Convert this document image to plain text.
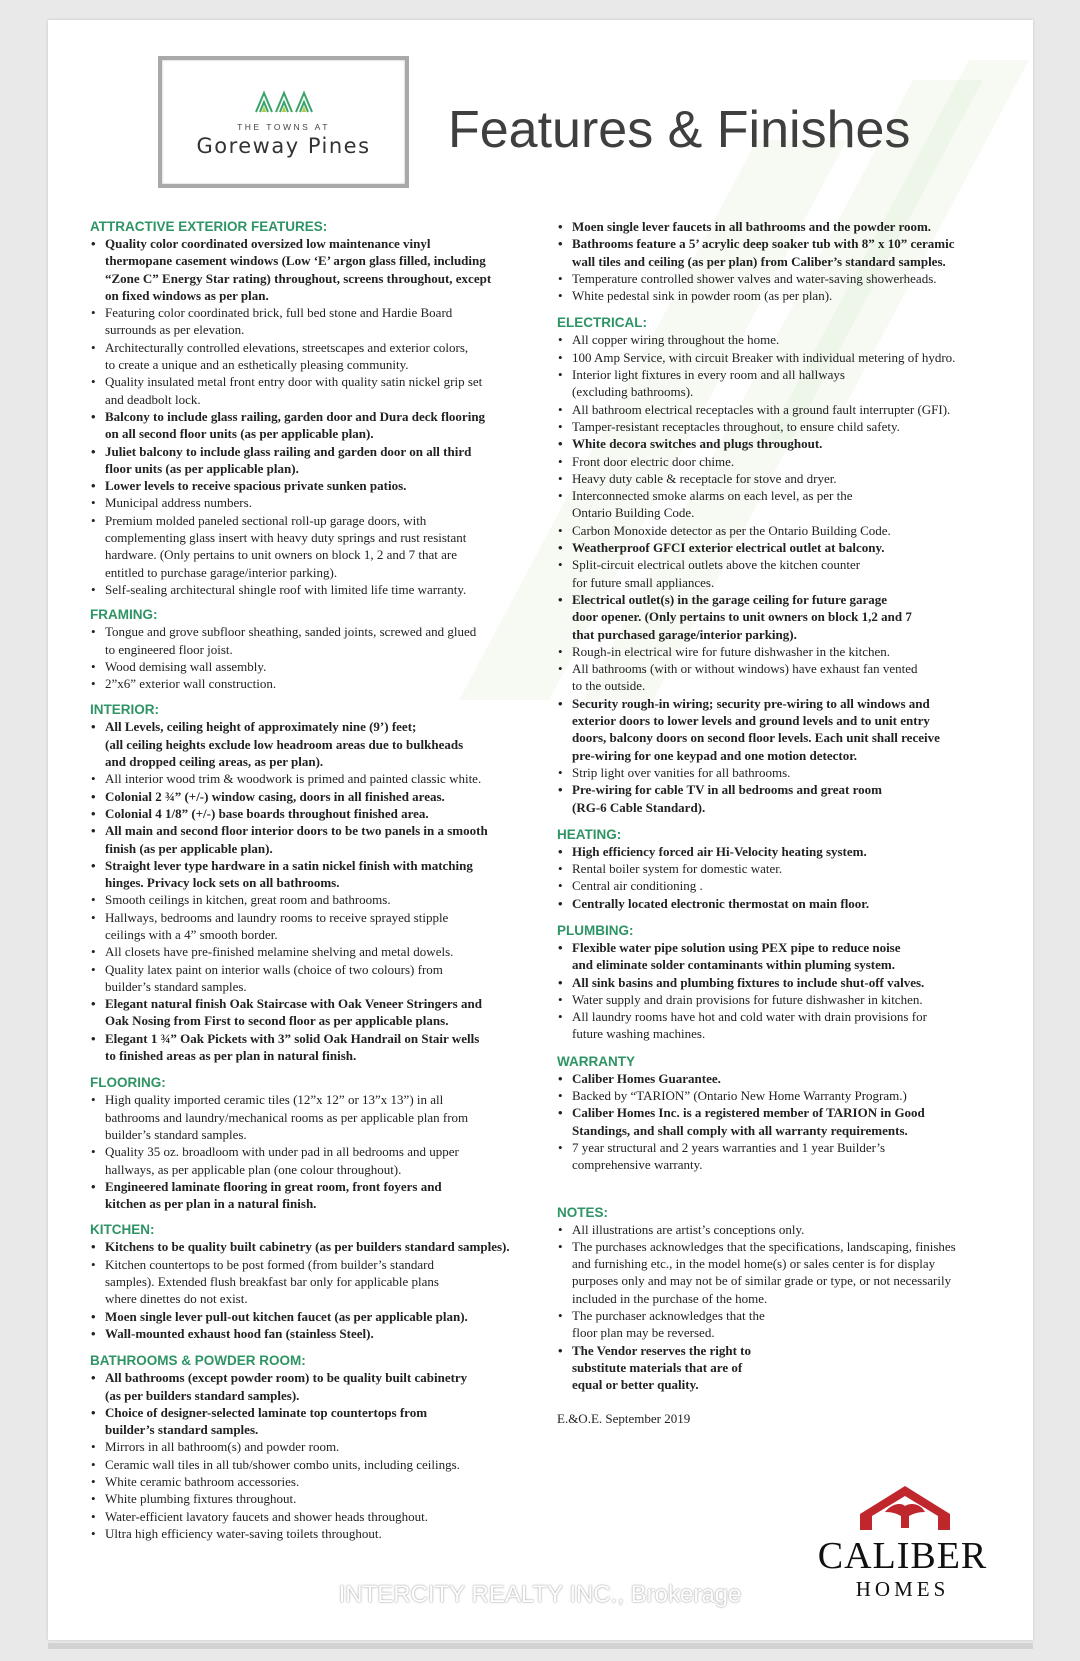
THE TOWNS AT
Goreway Pines	Features & Finishes
ATTRACTIVE EXTERIOR FEATURES:
• Quality color coordinated oversized low maintenance vinyl
thermopane casement windows (Low ‘E’ argon glass filled, including
“Zone C” Energy Star rating) throughout, screens throughout, except
on fixed windows as per plan.
• Featuring color coordinated brick, full bed stone and Hardie Board
surrounds as per elevation.
• Architecturally controlled elevations, streetscapes and exterior colors,
to create a unique and an esthetically pleasing community.
• Quality insulated metal front entry door with quality satin nickel grip set
and deadbolt lock.
• Balcony to include glass railing, garden door and Dura deck flooring
on all second floor units (as per applicable plan).
• Juliet balcony to include glass railing and garden door on all third
floor units (as per applicable plan).
• Lower levels to receive spacious private sunken patios.
• Municipal address numbers.
• Premium molded paneled sectional roll-up garage doors, with
complementing glass insert with heavy duty springs and rust resistant
hardware. (Only pertains to unit owners on block 1, 2 and 7 that are
entitled to purchase garage/interior parking).
• Self-sealing architectural shingle roof with limited life time warranty.
FRAMING:
• Tongue and grove subfloor sheathing, sanded joints, screwed and glued
to engineered floor joist.
• Wood demising wall assembly.
• 2”x6” exterior wall construction.
INTERIOR:
• All Levels, ceiling height of approximately nine (9’) feet;
(all ceiling heights exclude low headroom areas due to bulkheads
and dropped ceiling areas, as per plan).
• All interior wood trim & woodwork is primed and painted classic white.
• Colonial 2 ¾” (+/-) window casing, doors in all finished areas.
• Colonial 4 1/8” (+/-) base boards throughout finished area.
• All main and second floor interior doors to be two panels in a smooth
finish (as per applicable plan).
• Straight lever type hardware in a satin nickel finish with matching
hinges. Privacy lock sets on all bathrooms.
• Smooth ceilings in kitchen, great room and bathrooms.
• Hallways, bedrooms and laundry rooms to receive sprayed stipple
ceilings with a 4” smooth border.
• All closets have pre-finished melamine shelving and metal dowels.
• Quality latex paint on interior walls (choice of two colours) from
builder’s standard samples.
• Elegant natural finish Oak Staircase with Oak Veneer Stringers and
Oak Nosing from First to second floor as per applicable plans.
• Elegant 1 ¾” Oak Pickets with 3” solid Oak Handrail on Stair wells
to finished areas as per plan in natural finish.
FLOORING:
• High quality imported ceramic tiles (12”x 12” or 13”x 13”) in all
bathrooms and laundry/mechanical rooms as per applicable plan from
builder’s standard samples.
• Quality 35 oz. broadloom with under pad in all bedrooms and upper
hallways, as per applicable plan (one colour throughout).
• Engineered laminate flooring in great room, front foyers and
kitchen as per plan in a natural finish.
KITCHEN:
• Kitchens to be quality built cabinetry (as per builders standard samples).
• Kitchen countertops to be post formed (from builder’s standard
samples). Extended flush breakfast bar only for applicable plans
where dinettes do not exist.
• Moen single lever pull-out kitchen faucet (as per applicable plan).
• Wall-mounted exhaust hood fan (stainless Steel).
BATHROOMS & POWDER ROOM:
• All bathrooms (except powder room) to be quality built cabinetry
(as per builders standard samples).
• Choice of designer-selected laminate top countertops from
builder’s standard samples.
• Mirrors in all bathroom(s) and powder room.
• Ceramic wall tiles in all tub/shower combo units, including ceilings.
• White ceramic bathroom accessories.
• White plumbing fixtures throughout.
• Water-efficient lavatory faucets and shower heads throughout.
• Ultra high efficiency water-saving toilets throughout.
• Moen single lever faucets in all bathrooms and the powder room.
• Bathrooms feature a 5’ acrylic deep soaker tub with 8” x 10” ceramic
wall tiles and ceiling (as per plan) from Caliber’s standard samples.
• Temperature controlled shower valves and water-saving showerheads.
• White pedestal sink in powder room (as per plan).
ELECTRICAL:
• All copper wiring throughout the home.
• 100 Amp Service, with circuit Breaker with individual metering of hydro.
• Interior light fixtures in every room and all hallways
(excluding bathrooms).
• All bathroom electrical receptacles with a ground fault interrupter (GFI).
• Tamper-resistant receptacles throughout, to ensure child safety.
• White decora switches and plugs throughout.
• Front door electric door chime.
• Heavy duty cable & receptacle for stove and dryer.
• Interconnected smoke alarms on each level, as per the
Ontario Building Code.
• Carbon Monoxide detector as per the Ontario Building Code.
• Weatherproof GFCI exterior electrical outlet at balcony.
• Split-circuit electrical outlets above the kitchen counter
for future small appliances.
• Electrical outlet(s) in the garage ceiling for future garage
door opener. (Only pertains to unit owners on block 1,2 and 7
that purchased garage/interior parking).
• Rough-in electrical wire for future dishwasher in the kitchen.
• All bathrooms (with or without windows) have exhaust fan vented
to the outside.
• Security rough-in wiring; security pre-wiring to all windows and
exterior doors to lower levels and ground levels and to unit entry
doors, balcony doors on second floor levels. Each unit shall receive
pre-wiring for one keypad and one motion detector.
• Strip light over vanities for all bathrooms.
• Pre-wiring for cable TV in all bedrooms and great room
(RG-6 Cable Standard).
HEATING:
• High efficiency forced air Hi-Velocity heating system.
• Rental boiler system for domestic water.
• Central air conditioning .
• Centrally located electronic thermostat on main floor.
PLUMBING:
• Flexible water pipe solution using PEX pipe to reduce noise
and eliminate solder contaminants within pluming system.
• All sink basins and plumbing fixtures to include shut-off valves.
• Water supply and drain provisions for future dishwasher in kitchen.
• All laundry rooms have hot and cold water with drain provisions for
future washing machines.
WARRANTY
• Caliber Homes Guarantee.
• Backed by “TARION” (Ontario New Home Warranty Program.)
• Caliber Homes Inc. is a registered member of TARION in Good
Standings, and shall comply with all warranty requirements.
• 7 year structural and 2 years warranties and 1 year Builder’s
comprehensive warranty.
NOTES:
• All illustrations are artist’s conceptions only.
• The purchases acknowledges that the specifications, landscaping, finishes
and furnishing etc., in the model home(s) or sales center is for display
purposes only and may not be of similar grade or type, or not necessarily
included in the purchase of the home.
• The purchaser acknowledges that the
floor plan may be reversed.
• The Vendor reserves the right to
substitute materials that are of
equal or better quality.
E.&O.E. September 2019
CALIBER
HOMES
INTERCITY REALTY INC., Brokerage
